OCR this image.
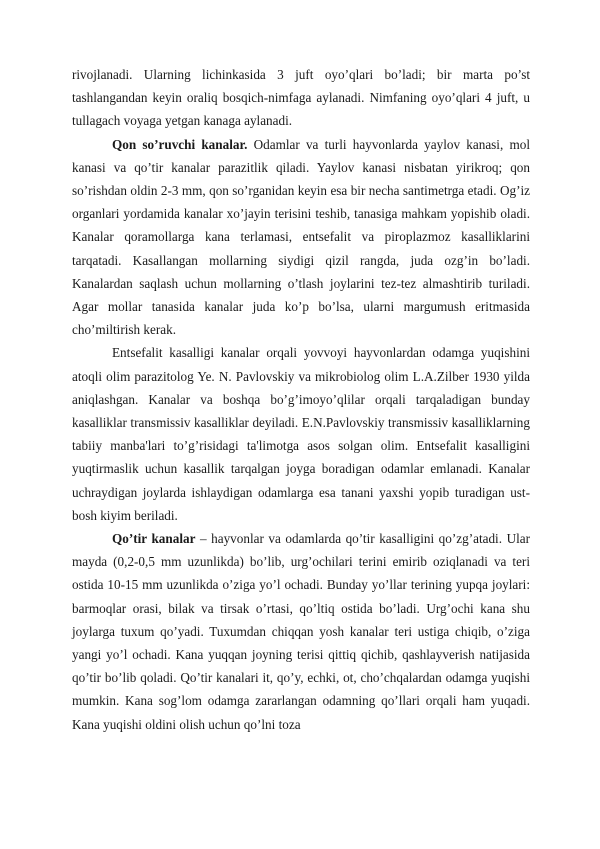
rivojlanadi. Ularning lichinkasida 3 juft oyo’qlari bo’ladi; bir marta po’st tashlangandan keyin oraliq bosqich-nimfaga aylanadi. Nimfaning oyo’qlari 4 juft, u tullagach voyaga yetgan kanaga aylanadi.

Qon so’ruvchi kanalar. Odamlar va turli hayvonlarda yaylov kanasi, mol kanasi va qo’tir kanalar parazitlik qiladi. Yaylov kanasi nisbatan yirikroq; qon so’rishdan oldin 2-3 mm, qon so’rganidan keyin esa bir necha santimetrga etadi. Og’iz organlari yordamida kanalar xo’jayin terisini teshib, tanasiga mahkam yopishib oladi. Kanalar qoramollarga kana terlamasi, entsefalit va piroplazmoz kasalliklarini tarqatadi. Kasallangan mollarning siydigi qizil rangda, juda ozg’in bo’ladi. Kanalardan saqlash uchun mollarning o’tlash joylarini tez-tez almashtirib turiladi. Agar mollar tanasida kanalar juda ko’p bo’lsa, ularni margumush eritmasida cho’miltirish kerak.

Entsefalit kasalligi kanalar orqali yovvoyi hayvonlardan odamga yuqishini atoqli olim parazitolog Ye. N. Pavlovskiy va mikrobiolog olim L.A.Zilber 1930 yilda aniqlashgan. Kanalar va boshqa bo’g’imoyo’qlilar orqali tarqaladigan bunday kasalliklar transmissiv kasalliklar deyiladi. E.N.Pavlovskiy transmissiv kasalliklarning tabiiy manba'lari to’g’risidagi ta'limotga asos solgan olim. Entsefalit kasalligini yuqtirmaslik uchun kasallik tarqalgan joyga boradigan odamlar emlanadi. Kanalar uchraydigan joylarda ishlaydigan odamlarga esa tanani yaxshi yopib turadigan ust-bosh kiyim beriladi.

Qo’tir kanalar – hayvonlar va odamlarda qo’tir kasalligini qo’zg’atadi. Ular mayda (0,2-0,5 mm uzunlikda) bo’lib, urg’ochilari terini emirib oziqlanadi va teri ostida 10-15 mm uzunlikda o’ziga yo’l ochadi. Bunday yo’llar terining yupqa joylari: barmoqlar orasi, bilak va tirsak o’rtasi, qo’ltiq ostida bo’ladi. Urg’ochi kana shu joylarga tuxum qo’yadi. Tuxumdan chiqqan yosh kanalar teri ustiga chiqib, o’ziga yangi yo’l ochadi. Kana yuqqan joyning terisi qittiq qichib, qashlayverish natijasida qo’tir bo’lib qoladi. Qo’tir kanalari it, qo’y, echki, ot, cho’chqalardan odamga yuqishi mumkin. Kana sog’lom odamga zararlangan odamning qo’llari orqali ham yuqadi. Kana yuqishi oldini olish uchun qo’lni toza
